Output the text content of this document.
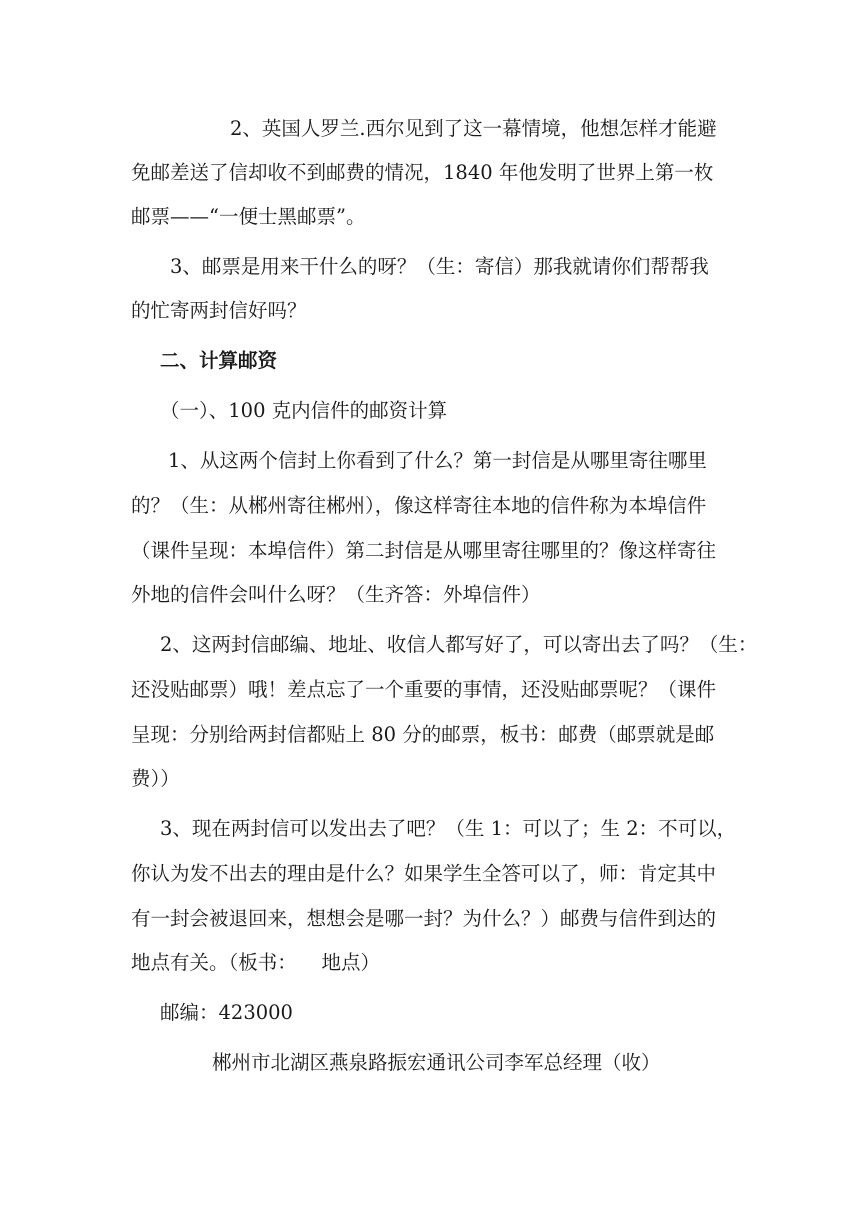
2、英国人罗兰.西尔见到了这一幕情境，他想怎样才能避
免邮差送了信却收不到邮费的情况，1840 年他发明了世界上第一枚
邮票——“一便士黑邮票”。
3、邮票是用来干什么的呀？（生：寄信）那我就请你们帮帮我
的忙寄两封信好吗？
二、计算邮资
（一）、100 克内信件的邮资计算
1、从这两个信封上你看到了什么？第一封信是从哪里寄往哪里
的？（生：从郴州寄往郴州），像这样寄往本地的信件称为本埠信件
（课件呈现：本埠信件）第二封信是从哪里寄往哪里的？像这样寄往
外地的信件会叫什么呀？（生齐答：外埠信件）
2、这两封信邮编、地址、收信人都写好了，可以寄出去了吗？（生：
还没贴邮票）哦！差点忘了一个重要的事情，还没贴邮票呢？（课件
呈现：分别给两封信都贴上 80 分的邮票，板书：邮费（邮票就是邮
费））
3、现在两封信可以发出去了吧？（生 1：可以了；生 2：不可以，
你认为发不出去的理由是什么？如果学生全答可以了，师：肯定其中
有一封会被退回来，想想会是哪一封？为什么？）邮费与信件到达的
地点有关。（板书：    地点）
邮编：423000
郴州市北湖区燕泉路振宏通讯公司李军总经理（收）
